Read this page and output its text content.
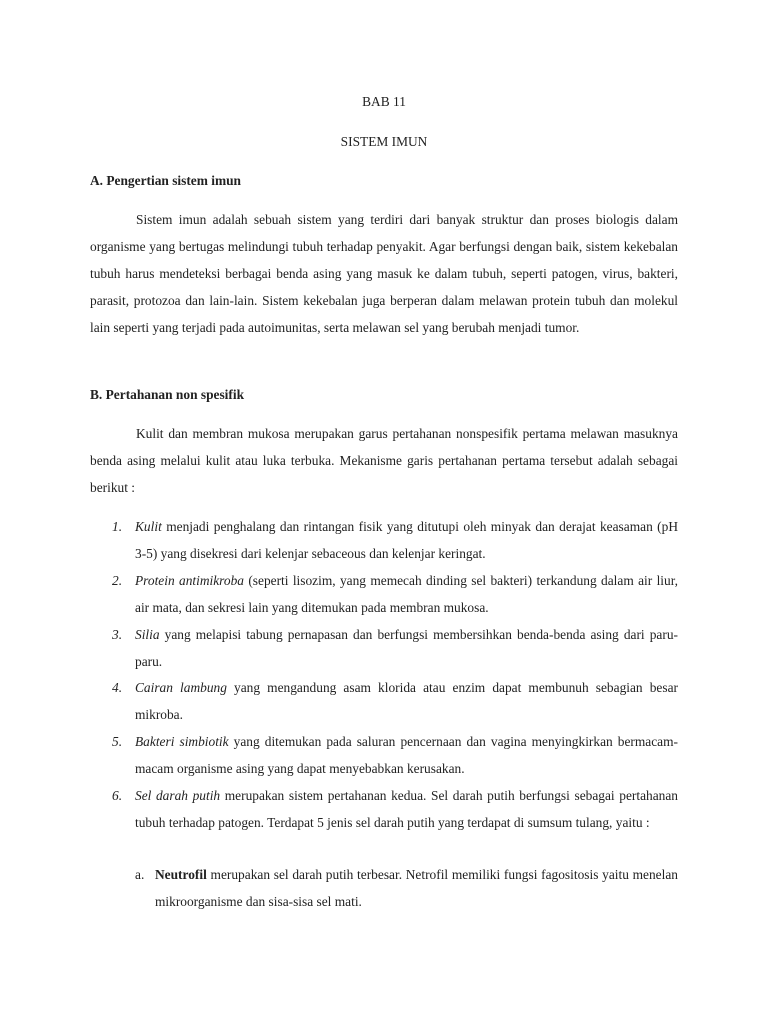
BAB 11
SISTEM IMUN
A. Pengertian sistem imun

Sistem imun adalah sebuah sistem yang terdiri dari banyak struktur dan proses biologis dalam organisme yang bertugas melindungi tubuh terhadap penyakit. Agar berfungsi dengan baik, sistem kekebalan tubuh harus mendeteksi berbagai benda asing yang masuk ke dalam tubuh, seperti patogen, virus, bakteri, parasit, protozoa dan lain-lain. Sistem kekebalan juga berperan dalam melawan protein tubuh dan molekul lain seperti yang terjadi pada autoimunitas, serta melawan sel yang berubah menjadi tumor.

B. Pertahanan non spesifik

Kulit dan membran mukosa merupakan garus pertahanan nonspesifik pertama melawan masuknya benda asing melalui kulit atau luka terbuka. Mekanisme garis pertahanan pertama tersebut adalah sebagai berikut :

1. Kulit menjadi penghalang dan rintangan fisik yang ditutupi oleh minyak dan derajat keasaman (pH 3-5) yang disekresi dari kelenjar sebaceous dan kelenjar keringat.
2. Protein antimikroba (seperti lisozim, yang memecah dinding sel bakteri) terkandung dalam air liur, air mata, dan sekresi lain yang ditemukan pada membran mukosa.
3. Silia yang melapisi tabung pernapasan dan berfungsi membersihkan benda-benda asing dari paru-paru.
4. Cairan lambung yang mengandung asam klorida atau enzim dapat membunuh sebagian besar mikroba.
5. Bakteri simbiotik yang ditemukan pada saluran pencernaan dan vagina menyingkirkan bermacam-macam organisme asing yang dapat menyebabkan kerusakan.
6. Sel darah putih merupakan sistem pertahanan kedua. Sel darah putih berfungsi sebagai pertahanan tubuh terhadap patogen. Terdapat 5 jenis sel darah putih yang terdapat di sumsum tulang, yaitu :
a. Neutrofil merupakan sel darah putih terbesar. Netrofil memiliki fungsi fagositosis yaitu menelan mikroorganisme dan sisa-sisa sel mati.
